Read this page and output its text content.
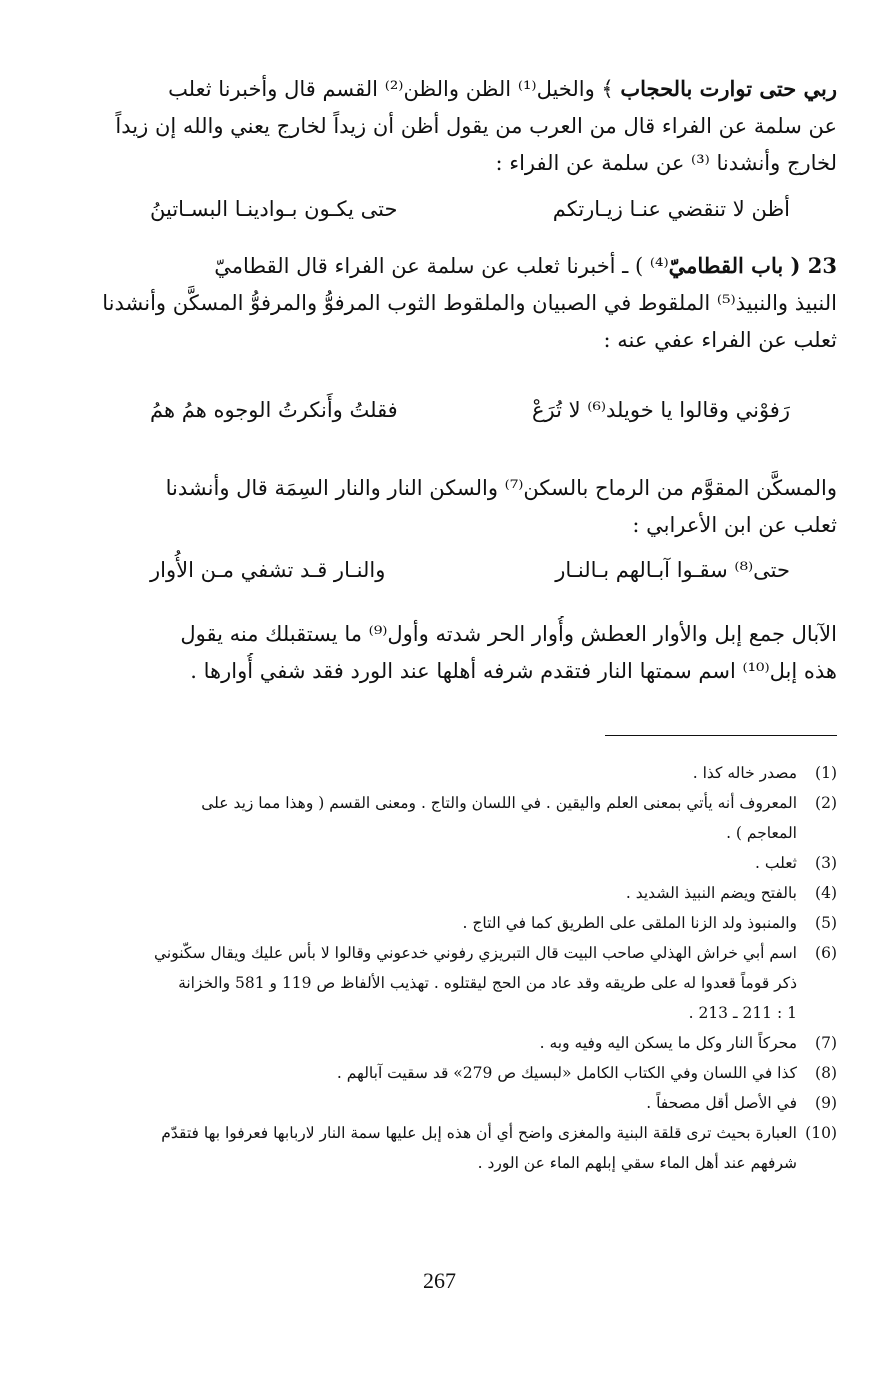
ربي حتى توارت بالحجاب ﴾ والخيل⁽¹⁾ الظن والظن⁽²⁾ القسم قال وأخبرنا ثعلب
عن سلمة عن الفراء قال من العرب من يقول أظن أن زيداً لخارج يعني والله إن زيداً
لخارج وأنشدنا ⁽³⁾ عن سلمة عن الفراء :
أظن لا تنقضي عنـا زيـارتكم
حتى يكـون بـوادينـا البسـاتينُ
23 ( باب القطاميّ⁽⁴⁾ ) ـ أخبرنا ثعلب عن سلمة عن الفراء قال القطاميّ
النبيذ والنبيذ⁽⁵⁾ الملقوط في الصبيان والملقوط الثوب المرفوُّ والمرفوُّ المسكَّن وأنشدنا
ثعلب عن الفراء عفي عنه :
رَفوْني وقالوا يا خويلد⁽⁶⁾ لا تُرَعْ
فقلتُ وأَنكرتُ الوجوه همُ همُ
والمسكَّن المقوَّم من الرماح بالسكن⁽⁷⁾ والسكن النار والنار السِمَة قال وأنشدنا
ثعلب عن ابن الأعرابي :
حتى⁽⁸⁾ سقـوا آبـالهم بـالنـار
والنـار قـد تشفي مـن الأُوار
الآبال جمع إبل والأوار العطش وأُوار الحر شدته وأول⁽⁹⁾ ما يستقبلك منه يقول
هذه إبل⁽¹⁰⁾ اسم سمتها النار فتقدم شرفه أهلها عند الورد فقد شفي أُوارها .
(1)
مصدر خاله كذا .
(2)
المعروف أنه يأتي بمعنى العلم واليقين . في اللسان والتاج . ومعنى القسم ( وهذا مما زيد على
المعاجم ) .
(3)
ثعلب .
(4)
بالفتح ويضم النبيذ الشديد .
(5)
والمنبوذ ولد الزنا الملقى على الطريق كما في التاج .
(6)
اسم أبي خراش الهذلي صاحب البيت قال التبريزي رفوني خدعوني وقالوا لا بأس عليك ويقال سكّنوني
ذكر قوماً قعدوا له على طريقه وقد عاد من الحج ليقتلوه . تهذيب الألفاظ ص 119 و 581 والخزانة
1 : 211 ـ 213 .
(7)
محركاً النار وكل ما يسكن اليه وفيه وبه .
(8)
كذا في اللسان وفي الكتاب الكامل «لبسيك ص 279» قد سقيت آبالهم .
(9)
في الأصل أقل مصحفاً .
(10)
العبارة بحيث ترى قلقة البنية والمغزى واضح أي أن هذه إبل عليها سمة النار لاربابها فعرفوا بها فتقدّم
شرفهم عند أهل الماء سقي إبلهم الماء عن الورد .
267
